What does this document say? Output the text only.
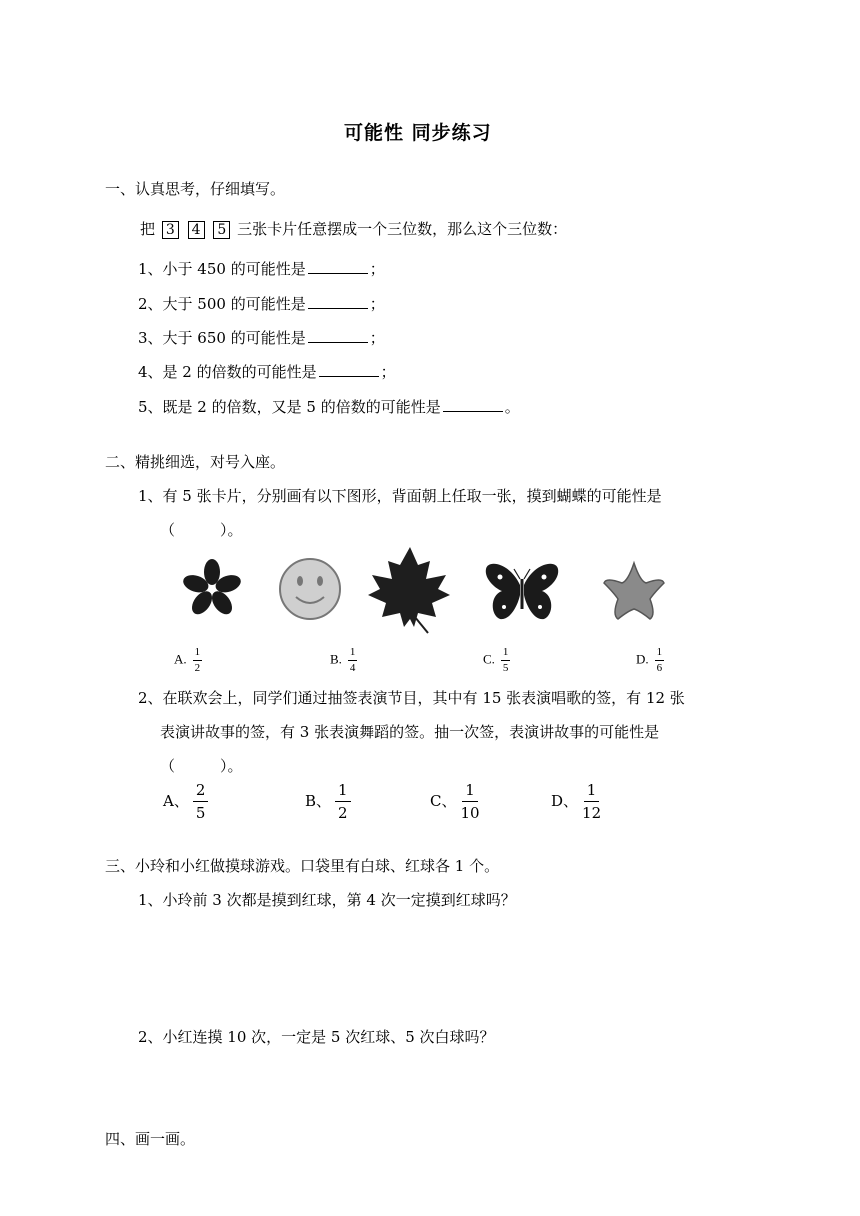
可能性 同步练习
一、认真思考，仔细填写。
把 3 4 5 三张卡片任意摆成一个三位数，那么这个三位数：
1、小于 450 的可能性是	；
2、大于 500 的可能性是	；
3、大于 650 的可能性是	；
4、是 2 的倍数的可能性是	；
5、既是 2 的倍数，又是 5 的倍数的可能性是	。
二、精挑细选，对号入座。
1、有 5 张卡片，分别画有以下图形，背面朝上任取一张，摸到蝴蝶的可能性是
（　　　）。
A. $\frac{1}{2}$	B. $\frac{1}{4}$	C. $\frac{1}{5}$	D. $\frac{1}{6}$
2、在联欢会上，同学们通过抽签表演节目，其中有 15 张表演唱歌的签，有 12 张
表演讲故事的签，有 3 张表演舞蹈的签。抽一次签，表演讲故事的可能性是
（　　　）。
A、 $\frac{2}{5}$	B、 $\frac{1}{2}$	C、 $\frac{1}{10}$	D、 $\frac{1}{12}$
三、小玲和小红做摸球游戏。口袋里有白球、红球各 1 个。
1、小玲前 3 次都是摸到红球，第 4 次一定摸到红球吗？
2、小红连摸 10 次，一定是 5 次红球、5 次白球吗？
四、画一画。
